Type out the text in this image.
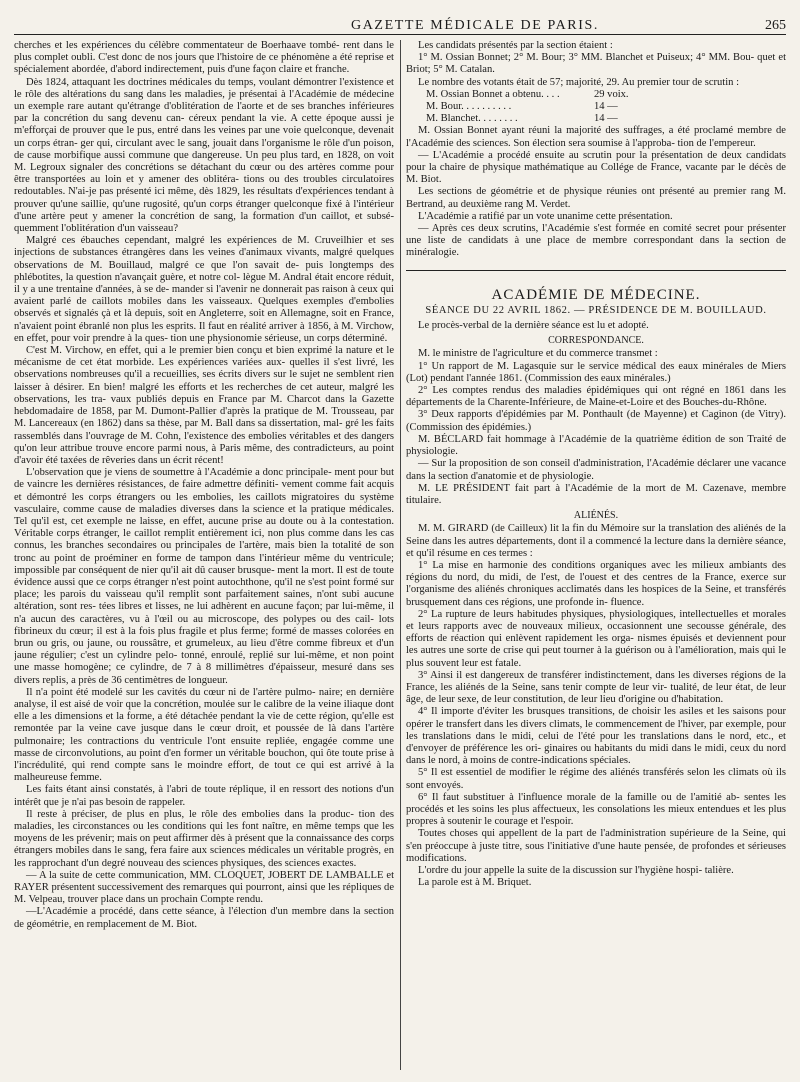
GAZETTE MÉDICALE DE PARIS.	265

cherches et les expériences du célèbre commentateur de Boerhaave tombé- rent dans le plus complet oubli. C'est donc de nos jours que l'histoire de ce phénomène a été reprise et spécialement abordée, d'abord indirectement, puis d'une façon claire et franche.

Dès 1824, attaquant les doctrines médicales du temps, voulant démontrer l'existence et le rôle des altérations du sang dans les maladies, je présentai à l'Académie de médecine un exemple rare autant qu'étrange d'oblitération de l'aorte et de ses branches inférieures par la concrétion du sang devenu can- céreux pendant la vie. A cette époque aussi je m'efforçai de prouver que le pus, entré dans les veines par une voie quelconque, devenait un corps étran- ger qui, circulant avec le sang, jouait dans l'organisme le rôle d'un poison, de cause morbifique aussi commune que dangereuse. Un peu plus tard, en 1828, on voit M. Legroux signaler des concrétions se détachant du cœur ou des artères comme pour être transportées au loin et y amener des oblitéra- tions ou des troubles circulatoires redoutables. N'ai-je pas présenté ici même, dès 1829, les résultats d'expériences tendant à prouver qu'une saillie, qu'une rugosité, qu'un corps étranger quelconque fixé à l'intérieur d'une artère peut y amener la concrétion de sang, la formation d'un caillot, et subsé- quemment l'oblitération d'un vaisseau?

Malgré ces ébauches cependant, malgré les expériences de M. Cruveilhier et ses injections de substances étrangères dans les veines d'animaux vivants, malgré quelques observations de M. Bouillaud, malgré ce que l'on savait de- puis longtemps des phlébotites, la question n'avançait guère, et notre col- lègue M. Andral était encore réduit, il y a une trentaine d'années, à se de- mander si l'avenir ne donnerait pas raison à ceux qui avaient parlé de caillots mobiles dans les vaisseaux. Quelques exemples d'embolies observés et signalés çà et là depuis, soit en Angleterre, soit en Allemagne, soit en France, n'avaient point ébranlé non plus les esprits. Il faut en réalité arriver à 1856, à M. Virchow, en effet, pour voir prendre à la ques- tion une physionomie sérieuse, un corps déterminé.

C'est M. Virchow, en effet, qui a le premier bien conçu et bien exprimé la nature et le mécanisme de cet état morbide. Les expériences variées aux- quelles il s'est livré, les observations nombreuses qu'il a recueillies, ses écrits divers sur le sujet ne semblent rien laisser à désirer. En bien! malgré les efforts et les recherches de cet auteur, malgré les observations, les tra- vaux publiés depuis en France par M. Charcot dans la Gazette hebdomadaire de 1858, par M. Dumont-Pallier d'après la pratique de M. Trousseau, par M. Lancereaux (en 1862) dans sa thèse, par M. Ball dans sa dissertation, mal- gré les faits rassemblés dans l'ouvrage de M. Cohn, l'existence des embolies véritables et des dangers qu'on leur attribue trouve encore parmi nous, à Paris même, des contradicteurs, au point d'avoir été taxées de rêveries dans un écrit récent!

L'observation que je viens de soumettre à l'Académie a donc principale- ment pour but de vaincre les dernières résistances, de faire admettre définiti- vement comme fait acquis et démontré les corps étrangers ou les embolies, les caillots migratoires du système vasculaire, comme cause de maladies diverses dans la science et la pratique médicales. Tel qu'il est, cet exemple ne laisse, en effet, aucune prise au doute ou à la contestation. Véritable corps étranger, le caillot remplit entièrement ici, non plus comme dans les cas connus, les branches secondaires ou principales de l'artère, mais bien la totalité de son tronc au point de proéminer en forme de tampon dans l'intérieur même du ventricule; impossible par conséquent de nier qu'il ait dû causer brusque- ment la mort. Il est de toute évidence aussi que ce corps étranger n'est point autochthone, qu'il ne s'est point formé sur place; les parois du vaisseau qu'il remplit sont parfaitement saines, n'ont subi aucune altération, sont res- tées libres et lisses, ne lui adhèrent en aucune façon; par lui-même, il n'a aucun des caractères, vu à l'œil ou au microscope, des polypes ou des cail- lots fibrineux du cœur; il est à la fois plus fragile et plus ferme; formé de masses colorées en brun ou gris, ou jaune, ou roussâtre, et grumeleux, au lieu d'être comme fibreux et d'un jaune régulier; c'est un cylindre pelo- tonné, enroulé, replié sur lui-même, et non point une masse homogène; ce cylindre, de 7 à 8 millimètres d'épaisseur, mesuré dans ses divers replis, a près de 36 centimètres de longueur.

Il n'a point été modelé sur les cavités du cœur ni de l'artère pulmo- naire; en dernière analyse, il est aisé de voir que la concrétion, moulée sur le calibre de la veine iliaque dont elle a les dimensions et la forme, a été détachée pendant la vie de cette région, qu'elle est remontée par la veine cave jusque dans le cœur droit, et poussée de là dans l'artère pulmonaire; les contractions du ventricule l'ont ensuite repliée, engagée comme une masse de circonvolutions, au point d'en former un véritable bouchon, qui ôte toute prise à l'incrédulité, qui rend compte sans le moindre effort, de tout ce qui est arrivé à la malheureuse femme.

Les faits étant ainsi constatés, à l'abri de toute réplique, il en ressort des notions d'un intérêt que je n'ai pas besoin de rappeler.

Il reste à préciser, de plus en plus, le rôle des embolies dans la produc- tion des maladies, les circonstances ou les conditions qui les font naître, en même temps que les moyens de les prévenir; mais on peut affirmer dès à présent que la connaissance des corps étrangers mobiles dans le sang, fera faire aux sciences médicales un véritable progrès, en les rapprochant d'un degré nouveau des sciences physiques, des sciences exactes.

— A la suite de cette communication, MM. CLOQUET, JOBERT DE LAMBALLE et RAYER présentent successivement des remarques qui pourront, ainsi que les répliques de M. Velpeau, trouver place dans un prochain Compte rendu.

—L'Académie a procédé, dans cette séance, à l'élection d'un membre dans la section de géométrie, en remplacement de M. Biot.

Les candidats présentés par la section étaient :

1° M. Ossian Bonnet; 2° M. Bour; 3° MM. Blanchet et Puiseux; 4° MM. Bou- quet et Briot; 5° M. Catalan.

Le nombre des votants était de 57; majorité, 29. Au premier tour de scrutin :

M. Ossian Bonnet a obtenu. . . .	29 voix.
M. Bour. . . . . . . . . .	14 —
M. Blanchet. . . . . . . .	14 —

M. Ossian Bonnet ayant réuni la majorité des suffrages, a été proclamé membre de l'Académie des sciences. Son élection sera soumise à l'approba- tion de l'empereur.

— L'Académie a procédé ensuite au scrutin pour la présentation de deux candidats pour la chaire de physique mathématique au Collége de France, vacante par le décès de M. Biot.

Les sections de géométrie et de physique réunies ont présenté au premier rang M. Bertrand, au deuxième rang M. Verdet.

L'Académie a ratifié par un vote unanime cette présentation.

— Après ces deux scrutins, l'Académie s'est formée en comité secret pour présenter une liste de candidats à une place de membre correspondant dans la section de minéralogie.

ACADÉMIE DE MÉDECINE.
SÉANCE DU 22 AVRIL 1862. — PRÉSIDENCE DE M. BOUILLAUD.

Le procès-verbal de la dernière séance est lu et adopté.

CORRESPONDANCE.

M. le ministre de l'agriculture et du commerce transmet :

1° Un rapport de M. Lagasquie sur le service médical des eaux minérales de Miers (Lot) pendant l'année 1861. (Commission des eaux minérales.)

2° Les comptes rendus des maladies épidémiques qui ont régné en 1861 dans les départements de la Charente-Inférieure, de Maine-et-Loire et des Bouches-du-Rhône.

3° Deux rapports d'épidémies par M. Ponthault (de Mayenne) et Caginon (de Vitry). (Commission des épidémies.)

M. BÉCLARD fait hommage à l'Académie de la quatrième édition de son Traité de physiologie.

— Sur la proposition de son conseil d'administration, l'Académie déclarer une vacance dans la section d'anatomie et de physiologie.

M. LE PRÉSIDENT fait part à l'Académie de la mort de M. Cazenave, membre titulaire.

ALIÉNÉS.

M. M. GIRARD (de Cailleux) lit la fin du Mémoire sur la translation des aliénés de la Seine dans les autres départements, dont il a commencé la lecture dans la dernière séance, et qu'il résume en ces termes :

1° La mise en harmonie des conditions organiques avec les milieux ambiants des régions du nord, du midi, de l'est, de l'ouest et des centres de la France, exerce sur l'organisme des aliénés chroniques acclimatés dans les hospices de la Seine, et transférés brusquement dans ces régions, une profonde in- fluence.

2° La rupture de leurs habitudes physiques, physiologiques, intellectuelles et morales et leurs rapports avec de nouveaux milieux, occasionnent une secousse générale, des efforts de réaction qui enlèvent rapidement les orga- nismes épuisés et deviennent pour les autres une sorte de crise qui peut tourner à la guérison ou à l'amélioration, mais qui le plus souvent leur est fatale.

3° Ainsi il est dangereux de transférer indistinctement, dans les diverses régions de la France, les aliénés de la Seine, sans tenir compte de leur vir- tualité, de leur état, de leur âge, de leur sexe, de leur constitution, de leur lieu d'origine ou d'habitation.

4° Il importe d'éviter les brusques transitions, de choisir les asiles et les saisons pour opérer le transfert dans les divers climats, le commencement de l'hiver, par exemple, pour les translations dans le midi, celui de l'été pour les translations dans le nord, etc., et d'envoyer de préférence les ori- ginaires ou habitants du midi dans le midi, ceux du nord dans le nord, à moins de contre-indications spéciales.

5° Il est essentiel de modifier le régime des aliénés transférés selon les climats où ils sont envoyés.

6° Il faut substituer à l'influence morale de la famille ou de l'amitié ab- sentes les procédés et les soins les plus affectueux, les consolations les mieux entendues et les plus propres à soutenir le courage et l'espoir.

Toutes choses qui appellent de la part de l'administration supérieure de la Seine, qui s'en préoccupe à juste titre, sous l'initiative d'une haute pensée, de profondes et sérieuses modifications.

L'ordre du jour appelle la suite de la discussion sur l'hygiène hospi- talière.

La parole est à M. Briquet.
